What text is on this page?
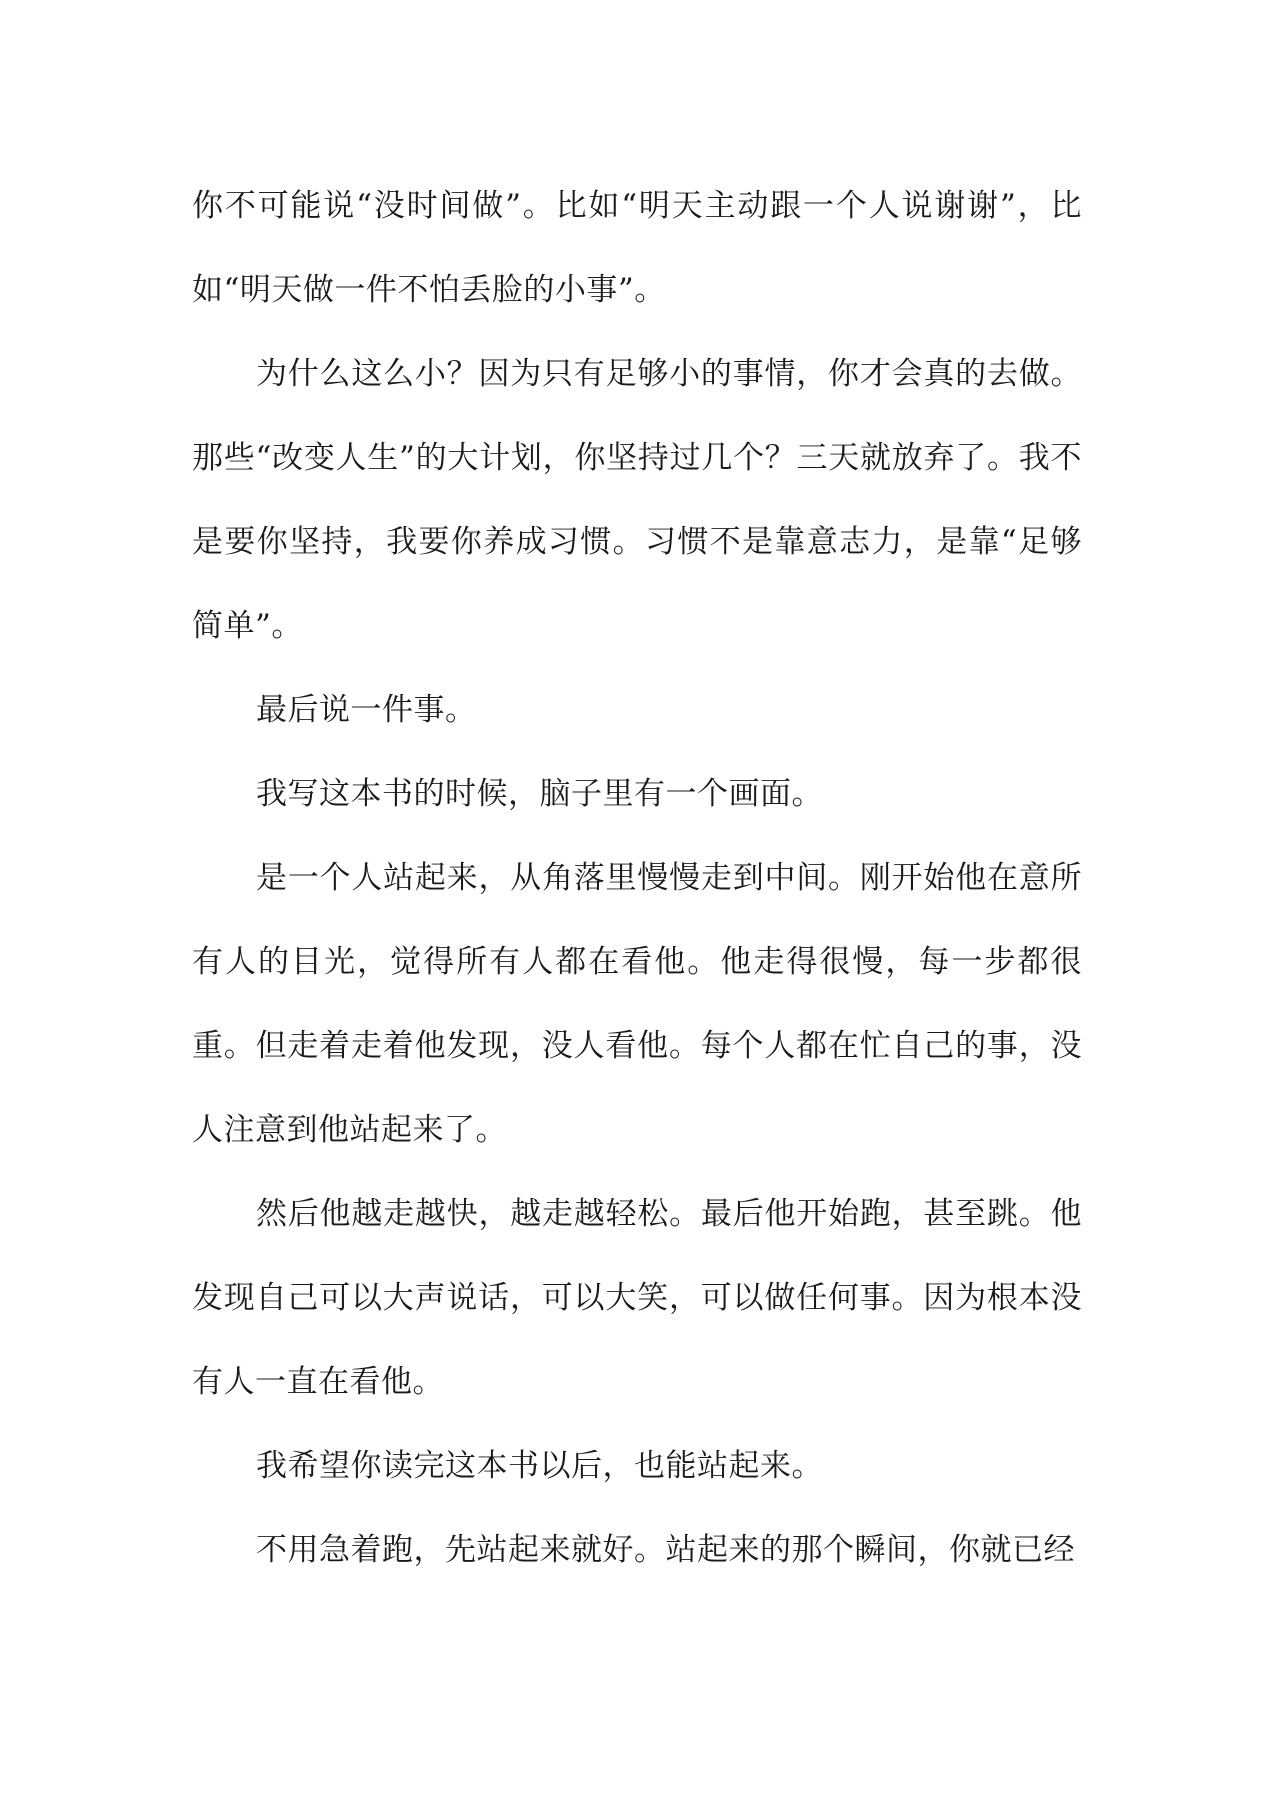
你不可能说“没时间做”。比如“明天主动跟一个人说谢谢”，比如“明天做一件不怕丢脸的小事”。

为什么这么小？因为只有足够小的事情，你才会真的去做。那些“改变人生”的大计划，你坚持过几个？三天就放弃了。我不是要你坚持，我要你养成习惯。习惯不是靠意志力，是靠“足够简单”。

最后说一件事。

我写这本书的时候，脑子里有一个画面。

是一个人站起来，从角落里慢慢走到中间。刚开始他在意所有人的目光，觉得所有人都在看他。他走得很慢，每一步都很重。但走着走着他发现，没人看他。每个人都在忙自己的事，没人注意到他站起来了。

然后他越走越快，越走越轻松。最后他开始跑，甚至跳。他发现自己可以大声说话，可以大笑，可以做任何事。因为根本没有人一直在看他。

我希望你读完这本书以后，也能站起来。

不用急着跑，先站起来就好。站起来的那个瞬间，你就已经
